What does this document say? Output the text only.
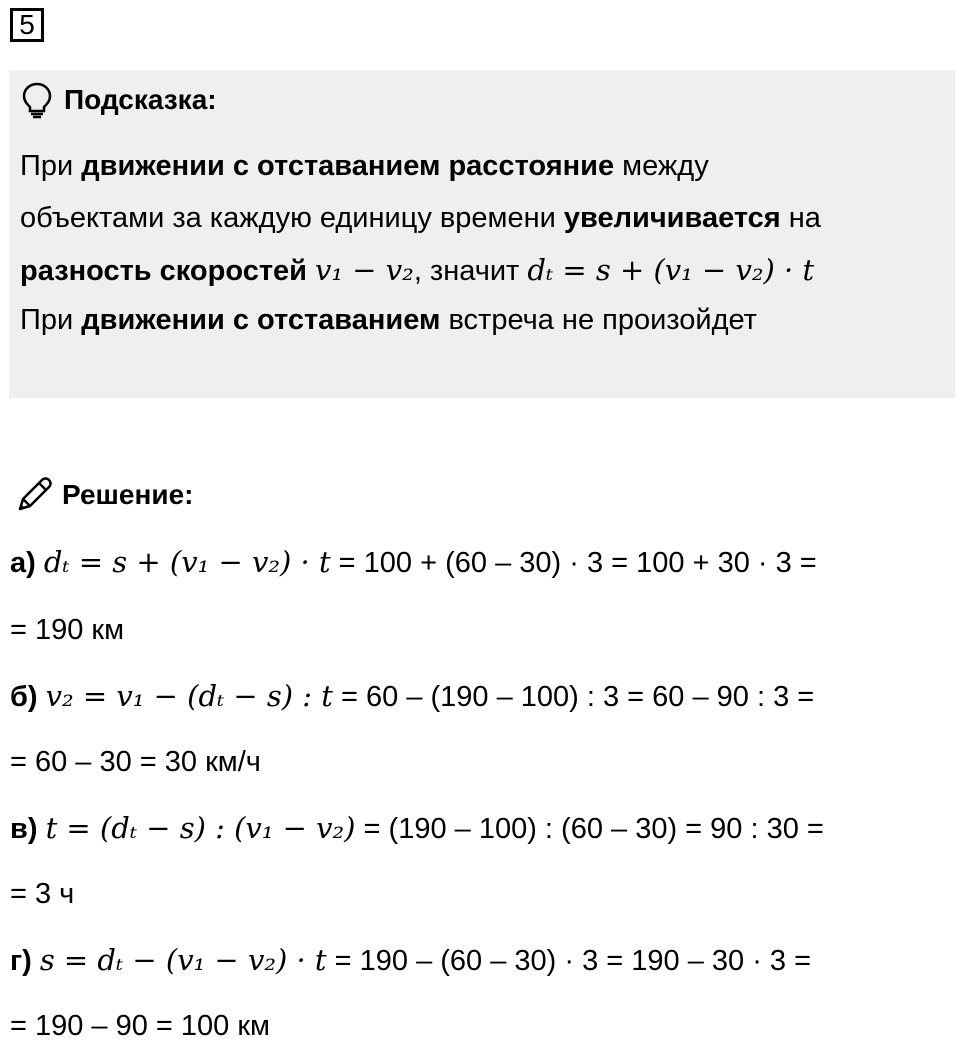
5
Подсказка:
При движении с отставанием расстояние между
объектами за каждую единицу времени увеличивается на
разность скоростей v₁ − v₂, значит dₜ = s + (v₁ − v₂) · t
При движении с отставанием встреча не произойдет
Решение:
а) dₜ = s + (v₁ − v₂) · t = 100 + (60 – 30) · 3 = 100 + 30 · 3 =
= 190 км
б) v₂ = v₁ − (dₜ − s) : t = 60 – (190 – 100) : 3 = 60 – 90 : 3 =
= 60 – 30 = 30 км/ч
в) t = (dₜ − s) : (v₁ − v₂) = (190 – 100) : (60 – 30) = 90 : 30 =
= 3 ч
г) s = dₜ − (v₁ − v₂) · t = 190 – (60 – 30) · 3 = 190 – 30 · 3 =
= 190 – 90 = 100 км
